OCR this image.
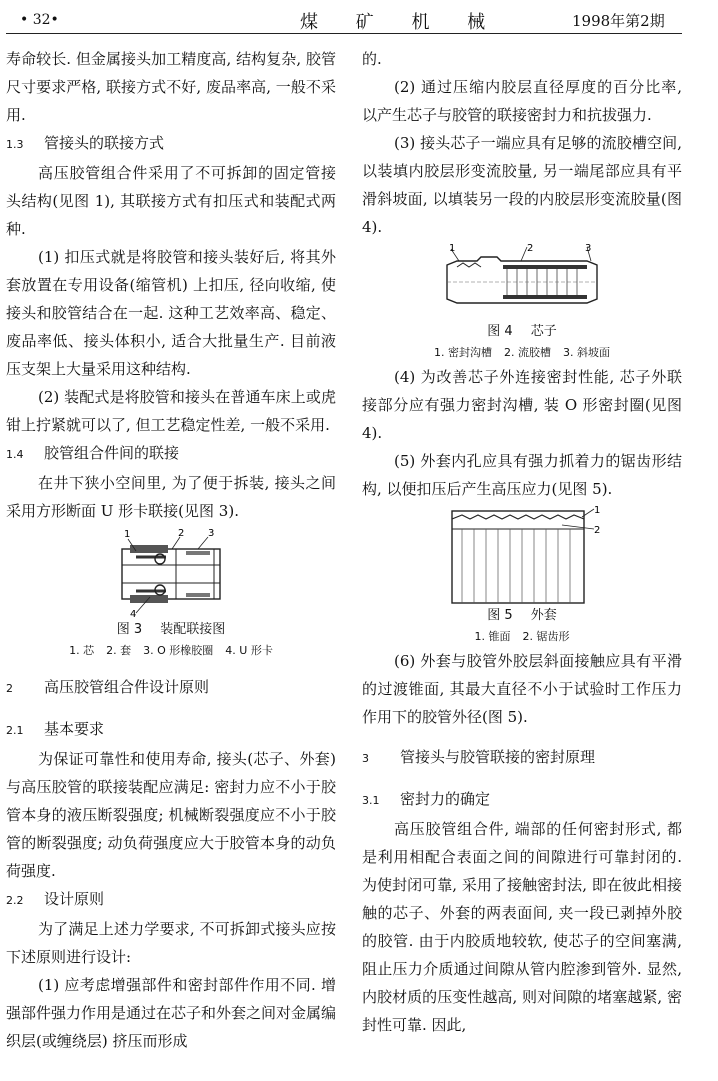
• 32•	煤 矿 机 械	1998年第2期

寿命较长. 但金属接头加工精度高, 结构复杂, 胶管尺寸要求严格, 联接方式不好, 废品率高, 一般不采用.

1.3 管接头的联接方式

高压胶管组合件采用了不可拆卸的固定管接头结构(见图 1), 其联接方式有扣压式和装配式两种.

(1) 扣压式就是将胶管和接头装好后, 将其外套放置在专用设备(缩管机) 上扣压, 径向收缩, 使接头和胶管结合在一起. 这种工艺效率高、稳定、废品率低、接头体积小, 适合大批量生产. 目前液压支架上大量采用这种结构.

(2) 装配式是将胶管和接头在普通车床上或虎钳上拧紧就可以了, 但工艺稳定性差, 一般不采用.

1.4 胶管组合件间的联接

在井下狭小空间里, 为了便于拆装, 接头之间采用方形断面 U 形卡联接(见图 3).

1	2 3
4
图 3 装配联接图
1. 芯 2. 套 3. O 形橡胶圈 4. U 形卡
2 高压胶管组合件设计原则
2.1 基本要求

为保证可靠性和使用寿命, 接头(芯子、外套) 与高压胶管的联接装配应满足: 密封力应不小于胶管本身的液压断裂强度; 机械断裂强度应不小于胶管的断裂强度; 动负荷强度应大于胶管本身的动负荷强度.

2.2 设计原则

为了满足上述力学要求, 不可拆卸式接头应按下述原则进行设计:

(1) 应考虑增强部件和密封部件作用不同. 增强部件强力作用是通过在芯子和外套之间对金属编织层(或缠绕层) 挤压而形成

的.

(2) 通过压缩内胶层直径厚度的百分比率, 以产生芯子与胶管的联接密封力和抗拔强力.

(3) 接头芯子一端应具有足够的流胶槽空间, 以装填内胶层形变流胶量, 另一端尾部应具有平滑斜坡面, 以填装另一段的内胶层形变流胶量(图 4).

1	2	3
图 4 芯子
1. 密封沟槽 2. 流胶槽 3. 斜坡面

(4) 为改善芯子外连接密封性能, 芯子外联接部分应有强力密封沟槽, 装 O 形密封圈(见图 4).

(5) 外套内孔应具有强力抓着力的锯齿形结构, 以便扣压后产生高压应力(见图 5).

1
2
图 5 外套
1. 锥面 2. 锯齿形

(6) 外套与胶管外胶层斜面接触应具有平滑的过渡锥面, 其最大直径不小于试验时工作压力作用下的胶管外径(图 5).

3 管接头与胶管联接的密封原理
3.1 密封力的确定

高压胶管组合件, 端部的任何密封形式, 都是利用相配合表面之间的间隙进行可靠封闭的. 为使封闭可靠, 采用了接触密封法, 即在彼此相接触的芯子、外套的两表面间, 夹一段已剥掉外胶的胶管. 由于内胶质地较软, 使芯子的空间塞满, 阻止压力介质通过间隙从管内腔渗到管外. 显然, 内胶材质的压变性越高, 则对间隙的堵塞越紧, 密封性可靠. 因此,
